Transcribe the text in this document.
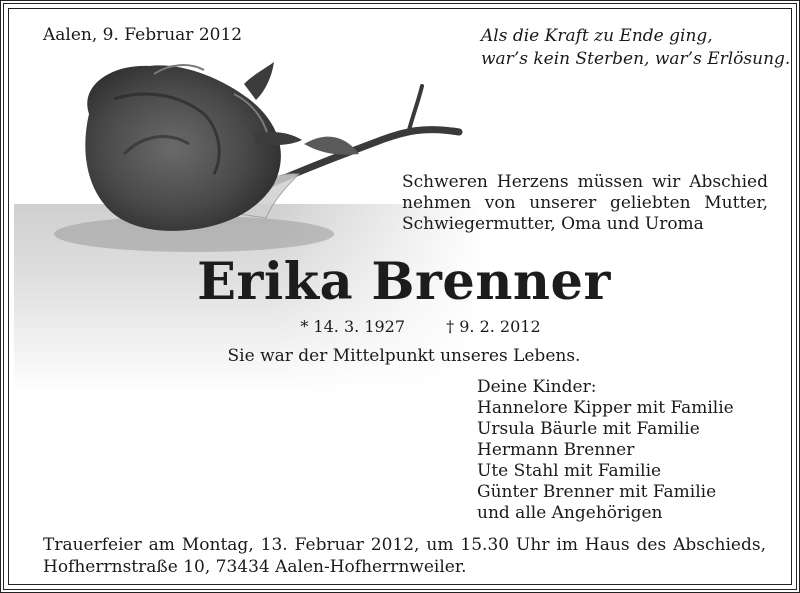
Aalen, 9. Februar 2012	Als die Kraft zu Ende ging,
war’s kein Sterben, war’s Erlösung.
Schweren Herzens müssen wir Abschied
nehmen von unserer geliebten Mutter,
Schwiegermutter, Oma und Uroma
Erika Brenner
* 14. 3. 1927	† 9. 2. 2012
Sie war der Mittelpunkt unseres Lebens.
Deine Kinder:
Hannelore Kipper mit Familie
Ursula Bäurle mit Familie
Hermann Brenner
Ute Stahl mit Familie
Günter Brenner mit Familie
und alle Angehörigen
Trauerfeier am Montag, 13. Februar 2012, um 15.30 Uhr im Haus des Abschieds,
Hofherrnstraße 10, 73434 Aalen-Hofherrnweiler.
